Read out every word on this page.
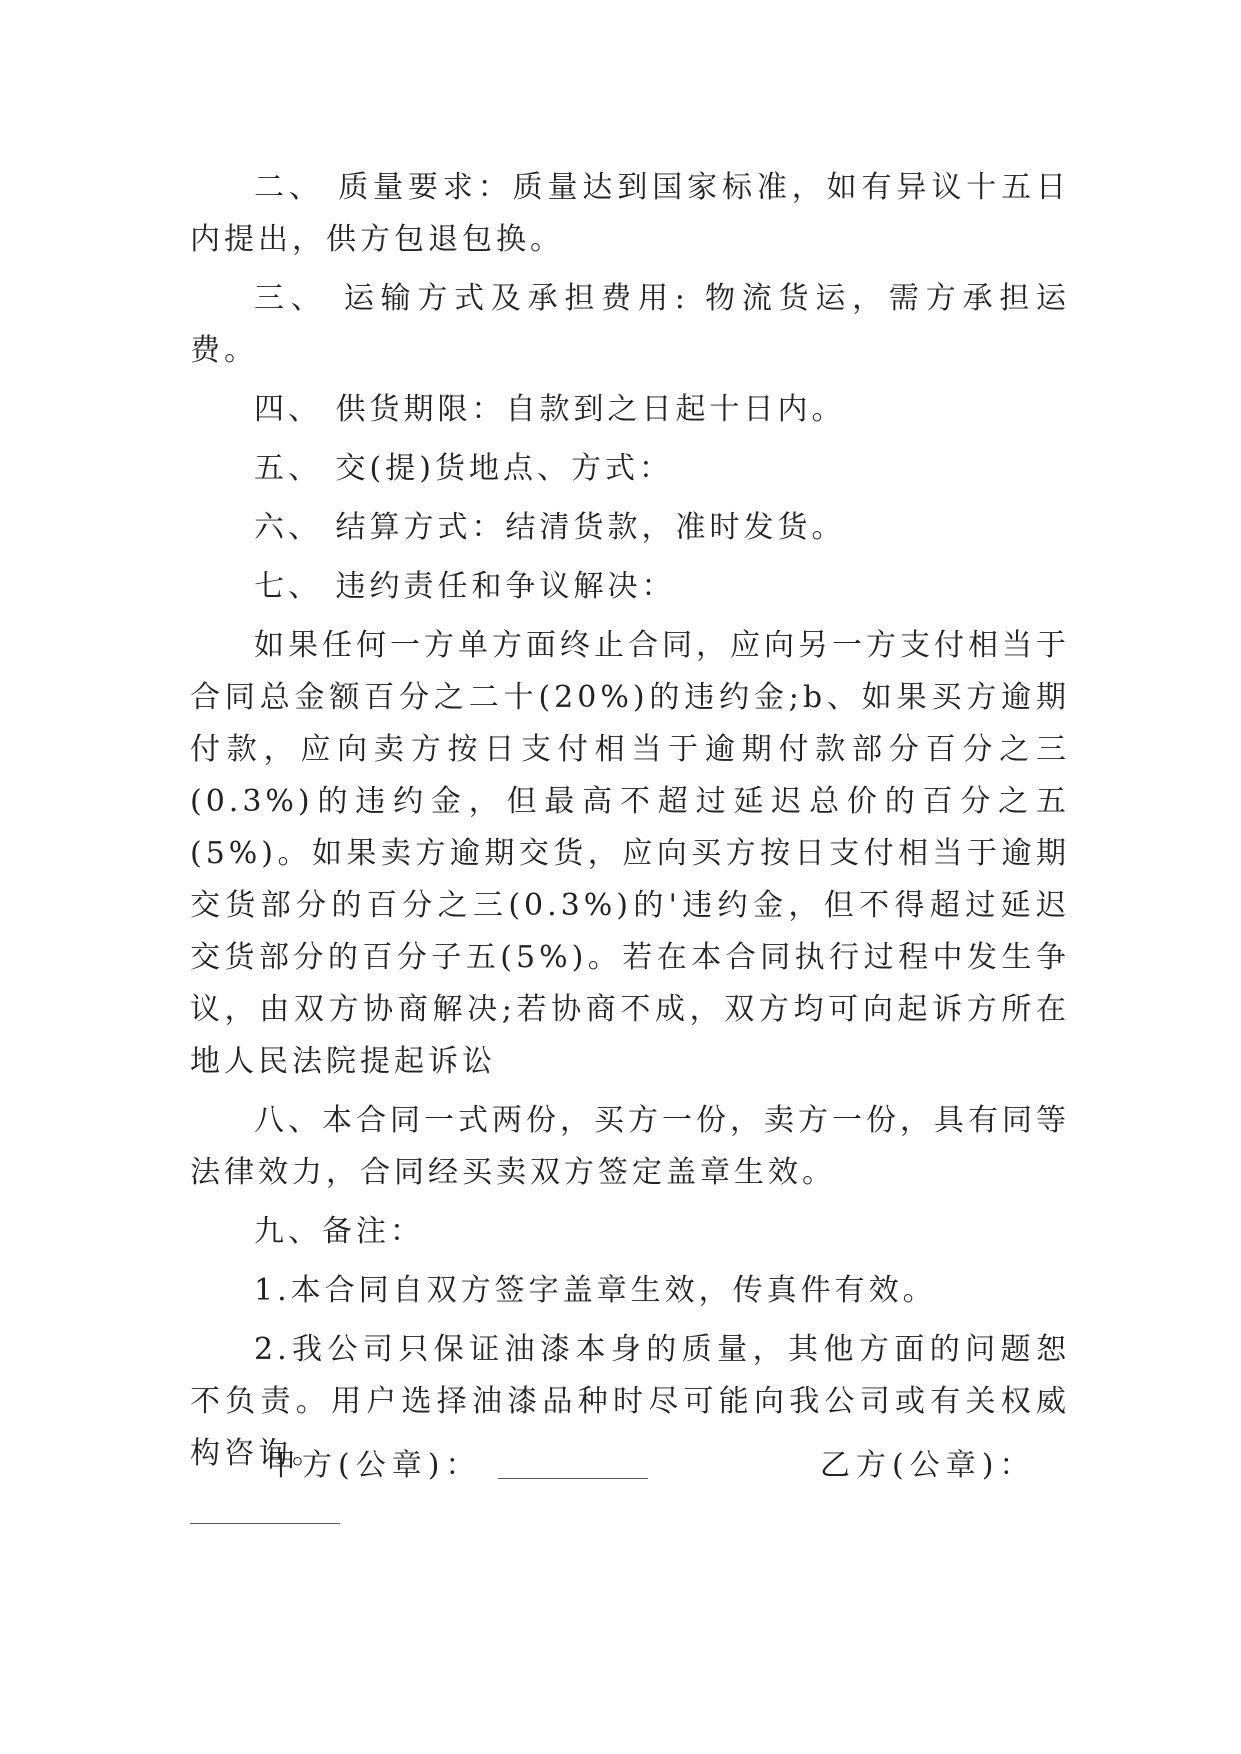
二、 质量要求：质量达到国家标准，如有异议十五日内提出，供方包退包换。

三、 运输方式及承担费用: 物流货运，需方承担运费。

四、 供货期限：自款到之日起十日内。

五、 交(提)货地点、方式：

六、 结算方式：结清货款，准时发货。

七、 违约责任和争议解决：

如果任何一方单方面终止合同，应向另一方支付相当于合同总金额百分之二十(20%)的违约金;b、如果买方逾期付款，应向卖方按日支付相当于逾期付款部分百分之三(0.3%)的违约金，但最高不超过延迟总价的百分之五(5%)。如果卖方逾期交货，应向买方按日支付相当于逾期交货部分的百分之三(0.3%)的'违约金，但不得超过延迟交货部分的百分子五(5%)。若在本合同执行过程中发生争议，由双方协商解决;若协商不成，双方均可向起诉方所在地人民法院提起诉讼

八、本合同一式两份，买方一份，卖方一份，具有同等法律效力，合同经买卖双方签定盖章生效。

九、备注：

1.本合同自双方签字盖章生效，传真件有效。

2.我公司只保证油漆本身的质量，其他方面的问题恕不负责。用户选择油漆品种时尽可能向我公司或有关权威构咨询。

甲方(公章)：	乙方(公章)：
